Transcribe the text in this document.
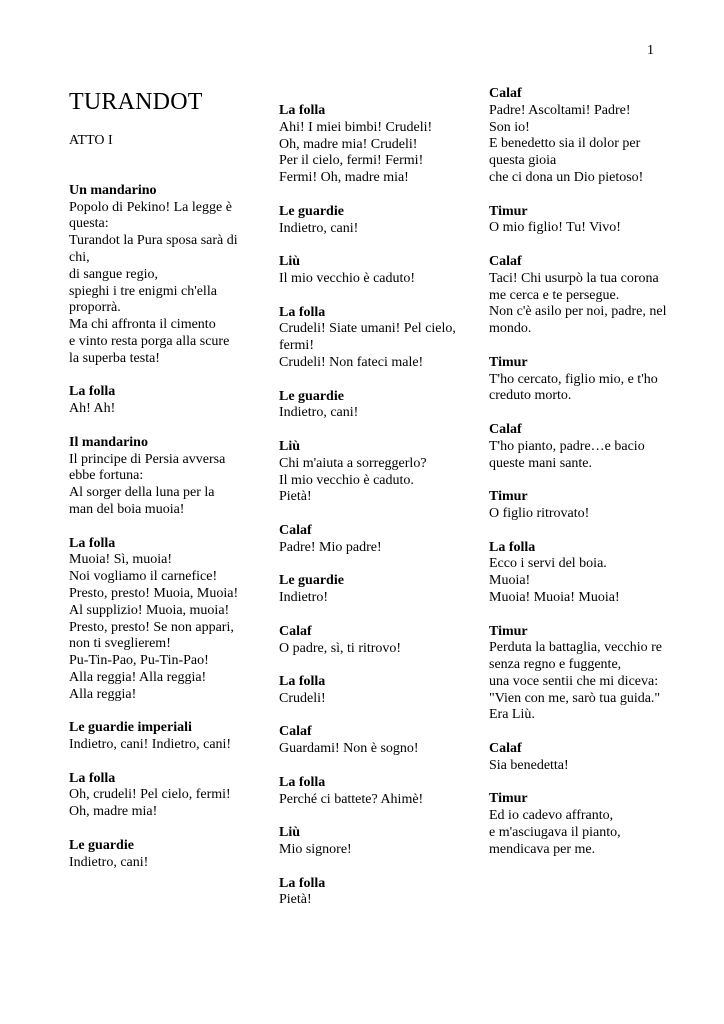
1
TURANDOT
ATTO I
Un mandarino
Popolo di Pekino! La legge è questa:
Turandot la Pura sposa sarà di chi,
di sangue regio,
spieghi i tre enigmi ch'ella proporrà.
Ma chi affronta il cimento
e vinto resta porga alla scure la superba testa!
La folla
Ah! Ah!
Il mandarino
Il principe di Persia avversa ebbe fortuna:
Al sorger della luna per la man del boia muoia!
La folla
Muoia! Sì, muoia!
Noi vogliamo il carnefice!
Presto, presto! Muoia, Muoia!
Al supplizio! Muoia, muoia!
Presto, presto! Se non appari,
non ti sveglierem!
Pu-Tin-Pao, Pu-Tin-Pao!
Alla reggia! Alla reggia!
Alla reggia!
Le guardie imperiali
Indietro, cani! Indietro, cani!
La folla
Oh, crudeli! Pel cielo, fermi!
Oh, madre mia!
Le guardie
Indietro, cani!
La folla
Ahi! I miei bimbi! Crudeli!
Oh, madre mia! Crudeli!
Per il cielo, fermi! Fermi!
Fermi! Oh, madre mia!
Le guardie
Indietro, cani!
Liù
Il mio vecchio è caduto!
La folla
Crudeli! Siate umani! Pel cielo, fermi!
Crudeli! Non fateci male!
Le guardie
Indietro, cani!
Liù
Chi m'aiuta a sorreggerlo?
Il mio vecchio è caduto.
Pietà!
Calaf
Padre! Mio padre!
Le guardie
Indietro!
Calaf
O padre, sì, ti ritrovo!
La folla
Crudeli!
Calaf
Guardami! Non è sogno!
La folla
Perché ci battete? Ahimè!
Liù
Mio signore!
La folla
Pietà!
Calaf
Padre! Ascoltami! Padre!
Son io!
E benedetto sia il dolor per questa gioia
che ci dona un Dio pietoso!
Timur
O mio figlio! Tu! Vivo!
Calaf
Taci! Chi usurpò la tua corona
me cerca e te persegue.
Non c'è asilo per noi, padre, nel mondo.
Timur
T'ho cercato, figlio mio, e t'ho creduto morto.
Calaf
T'ho pianto, padre…e bacio queste mani sante.
Timur
O figlio ritrovato!
La folla
Ecco i servi del boia.
Muoia!
Muoia! Muoia! Muoia!
Timur
Perduta la battaglia, vecchio re
senza regno e fuggente,
una voce sentii che mi diceva:
"Vien con me, sarò tua guida."
Era Liù.
Calaf
Sia benedetta!
Timur
Ed io cadevo affranto,
e m'asciugava il pianto,
mendicava per me.
